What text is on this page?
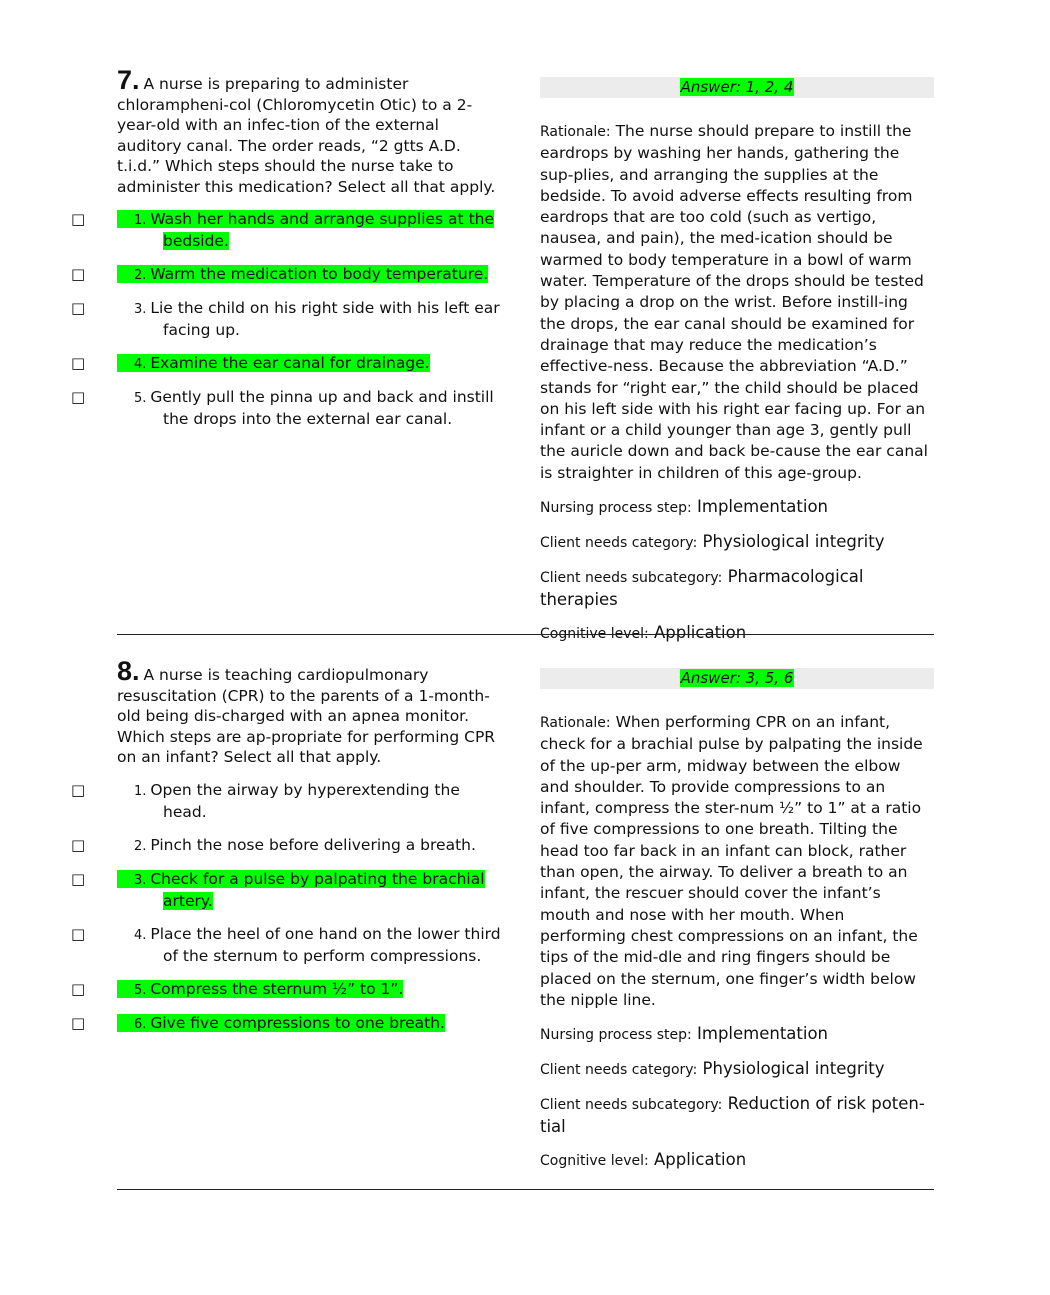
7. A nurse is preparing to administer chlorampheni-col (Chloromycetin Otic) to a 2-year-old with an infec-tion of the external auditory canal. The order reads, “2 gtts A.D. t.i.d.” Which steps should the nurse take to administer this medication? Select all that apply.

□	1. Wash her hands and arrange supplies at the bedside.
□	2. Warm the medication to body temperature.
□	3. Lie the child on his right side with his left ear facing up.
□	4. Examine the ear canal for drainage.
□	5. Gently pull the pinna up and back and instill the drops into the external ear canal.
Answer: 1, 2, 4

Rationale: The nurse should prepare to instill the eardrops by washing her hands, gathering the sup-plies, and arranging the supplies at the bedside. To avoid adverse effects resulting from eardrops that are too cold (such as vertigo, nausea, and pain), the med-ication should be warmed to body temperature in a bowl of warm water. Temperature of the drops should be tested by placing a drop on the wrist. Before instill-ing the drops, the ear canal should be examined for drainage that may reduce the medication’s effective-ness. Because the abbreviation “A.D.” stands for “right ear,” the child should be placed on his left side with his right ear facing up. For an infant or a child younger than age 3, gently pull the auricle down and back be-cause the ear canal is straighter in children of this age-group.

Nursing process step: Implementation
Client needs category: Physiological integrity
Client needs subcategory: Pharmacological therapies
Cognitive level: Application

8. A nurse is teaching cardiopulmonary resuscitation (CPR) to the parents of a 1-month-old being dis-charged with an apnea monitor. Which steps are ap-propriate for performing CPR on an infant? Select all that apply.

□	1. Open the airway by hyperextending the head.
□	2. Pinch the nose before delivering a breath.
□	3. Check for a pulse by palpating the brachial artery.
□	4. Place the heel of one hand on the lower third of the sternum to perform compressions.
□	5. Compress the sternum ½” to 1”.
□	6. Give five compressions to one breath.
Answer: 3, 5, 6

Rationale: When performing CPR on an infant, check for a brachial pulse by palpating the inside of the up-per arm, midway between the elbow and shoulder. To provide compressions to an infant, compress the ster-num ½” to 1” at a ratio of five compressions to one breath. Tilting the head too far back in an infant can block, rather than open, the airway. To deliver a breath to an infant, the rescuer should cover the infant’s mouth and nose with her mouth. When performing chest compressions on an infant, the tips of the mid-dle and ring fingers should be placed on the sternum, one finger’s width below the nipple line.

Nursing process step: Implementation
Client needs category: Physiological integrity
Client needs subcategory: Reduction of risk poten-tial
Cognitive level: Application
